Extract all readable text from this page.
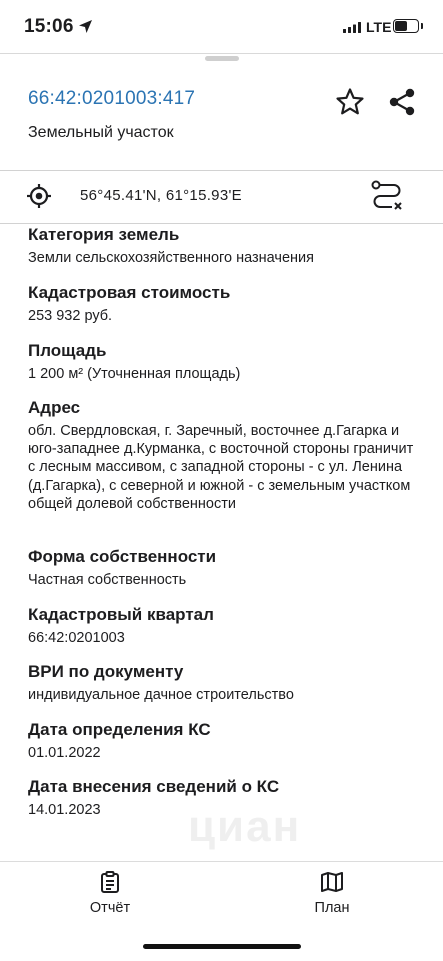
15:06	LTE
66:42:0201003:417
Земельный участок
56°45.41'N, 61°15.93'E
Категория земель
Земли сельскохозяйственного назначения
Кадастровая стоимость
253 932 руб.
Площадь
1 200 м² (Уточненная площадь)
Адрес
обл. Свердловская, г. Заречный, восточнее д.Гагарка и юго-западнее д.Курманка, с восточной стороны граничит с лесным массивом, с западной стороны - с ул. Ленина (д.Гагарка), с северной и южной - с земельным участком общей долевой собственности
Форма собственности
Частная собственность
Кадастровый квартал
66:42:0201003
ВРИ по документу
индивидуальное дачное строительство
Дата определения КС
01.01.2022
Дата внесения сведений о КС
14.01.2023	циан
Отчёт	План
